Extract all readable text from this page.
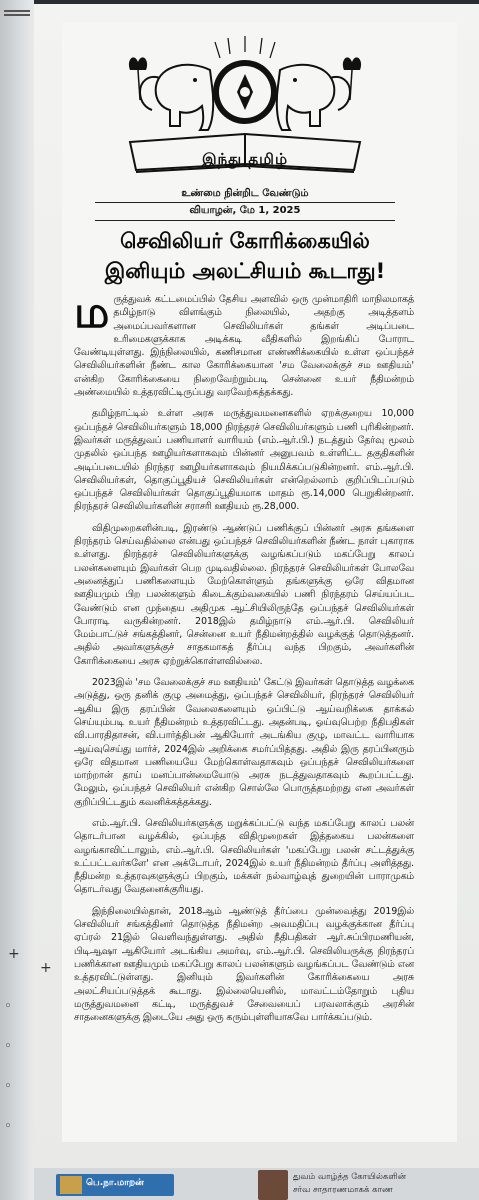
◦
◦
◦
◦
+
+
இந்து தமிழ்
உண்மை நின்றிட வேண்டும்
வியாழன், மே 1, 2025
செவிலியர் கோரிக்கையில்
இனியும் அலட்சியம் கூடாது!

ம ருத்துவக் கட்டமைப்பில் தேசிய அளவில் ஒரு முன்மாதிரி மாநிலமாகத் தமிழ்நாடு விளங்கும் நிலையில், அதற்கு அடித்தளம் அமைப்பவர்களான செவிலியர்கள் தங்கள் அடிப்படை உரிமைகளுக்காக அடிக்கடி வீதிகளில் இறங்கிப் போராட வேண்டியுள்ளது. இந்நிலையில், கணிசமான எண்ணிக்கையில் உள்ள ஒப்பந்தச் செவிலியர்களின் நீண்ட கால கோரிக்கையான 'சம வேலைக்குச் சம ஊதியம்' என்கிற கோரிக்கையை நிறைவேற்றும்படி சென்னை உயர் நீதிமன்றம் அண்மையில் உத்தரவிட்டிருப்பது வரவேற்கத்தக்கது.

தமிழ்நாட்டில் உள்ள அரசு மருத்துவமனைகளில் ஏறக்குறைய 10,000 ஒப்பந்தச் செவிலியர்களும் 18,000 நிரந்தரச் செவிலியர்களும் பணி புரிகின்றனர். இவர்கள் மருத்துவப் பணியாளர் வாரியம் (எம்.ஆர்.பி.) நடத்தும் தேர்வு மூலம் முதலில் ஒப்பந்த ஊழியர்களாகவும் பின்னர் அனுபவம் உள்ளிட்ட தகுதிகளின் அடிப்படையில் நிரந்தர ஊழியர்களாகவும் நியமிக்கப்படுகின்றனர். எம்.ஆர்.பி. செவிலியர்கள், தொகுப்பூதியச் செவிலியர்கள் என்றெல்லாம் குறிப்பிடப்படும் ஒப்பந்தச் செவிலியர்கள் தொகுப்பூதியமாக மாதம் ரூ.14,000 பெறுகின்றனர். நிரந்தரச் செவிலியர்களின் சராசரி ஊதியம் ரூ.28,000.

விதிமுறைகளின்படி, இரண்டு ஆண்டுப் பணிக்குப் பின்னர் அரசு தங்களை நிரந்தரம் செய்வதில்லை என்பது ஒப்பந்தச் செவிலியர்களின் நீண்ட நாள் புகாராக உள்ளது. நிரந்தரச் செவிலியர்களுக்கு வழங்கப்படும் மகப்பேறு காலப் பலன்களையும் இவர்கள் பெற முடிவதில்லை. நிரந்தரச் செவிலியர்கள் போலவே அனைத்துப் பணிகளையும் மேற்கொள்ளும் தங்களுக்கு ஒரே விதமான ஊதியமும் பிற பலன்களும் கிடைக்கும்வகையில் பணி நிரந்தரம் செய்யப்பட வேண்டும் என முந்தைய அதிமுக ஆட்சியிலிருந்தே ஒப்பந்தச் செவிலியர்கள் போராடி வருகின்றனர். 2018இல் தமிழ்நாடு எம்.ஆர்.பி. செவிலியர் மேம்பாட்டுச் சங்கத்தினர், சென்னை உயர் நீதிமன்றத்தில் வழக்குத் தொடுத்தனர். அதில் அவர்களுக்குச் சாதகமாகத் தீர்ப்பு வந்த பிறகும், அவர்களின் கோரிக்கையை அரசு ஏற்றுக்கொள்ளவில்லை.

2023இல் 'சம வேலைக்குச் சம ஊதியம்' கேட்டு இவர்கள் தொடுத்த வழக்கை அடுத்து, ஒரு தனிக் குழு அமைத்து, ஒப்பந்தச் செவிலியர், நிரந்தரச் செவிலியர் ஆகிய இரு தரப்பின் வேலைகளையும் ஒப்பிட்டு ஆய்வறிக்கை தாக்கல் செய்யும்படி உயர் நீதிமன்றம் உத்தரவிட்டது. அதன்படி, ஓய்வுபெற்ற நீதிபதிகள் வி.பாரதிதாசன், வி.பார்த்திபன் ஆகியோர் அடங்கிய குழு, மாவட்ட வாரியாக ஆய்வுசெய்து மார்ச், 2024இல் அறிக்கை சமர்ப்பித்தது. அதில் இரு தரப்பினரும் ஒரே விதமான பணியையே மேற்கொள்வதாகவும் ஒப்பந்தச் செவிலியர்களை மாற்றான் தாய் மனப்பான்மையோடு அரசு நடத்துவதாகவும் கூறப்பட்டது. மேலும், ஒப்பந்தச் செவிலியர் என்கிற சொல்லே பொருத்தமற்றது என அவர்கள் குறிப்பிட்டதும் கவனிக்கத்தக்கது.

எம்.ஆர்.பி. செவிலியர்களுக்கு மறுக்கப்பட்டு வந்த மகப்பேறு காலப் பலன் தொடர்பான வழக்கில், ஒப்பந்த விதிமுறைகள் இத்தகைய பலன்களை வழங்காவிட்டாலும், எம்.ஆர்.பி. செவிலியர்கள் 'மகப்பேறு பலன் சட்டத்துக்கு உட்பட்டவர்களே' என அக்டோபர், 2024இல் உயர் நீதிமன்றம் தீர்ப்பு அளித்தது. நீதிமன்ற உத்தரவுகளுக்குப் பிறகும், மக்கள் நல்வாழ்வுத் துறையின் பாராமுகம் தொடர்வது வேதனைக்குரியது.

இந்நிலையில்தான், 2018ஆம் ஆண்டுத் தீர்ப்பை முன்வைத்து 2019இல் செவிலியர் சங்கத்தினர் தொடுத்த நீதிமன்ற அவமதிப்பு வழக்குக்கான தீர்ப்பு ஏப்ரல் 21இல் வெளிவந்துள்ளது. அதில் நீதிபதிகள் ஆர்.சுப்பிரமணியன், பிடிஆஷா ஆகியோர் அடங்கிய அமர்வு, எம்.ஆர்.பி. செவிலியருக்கு நிரந்தரப் பணிக்கான ஊதியமும் மகப்பேறு காலப் பலன்களும் வழங்கப்பட வேண்டும் என உத்தரவிட்டுள்ளது. இனியும் இவர்களின் கோரிக்கையை அரசு அலட்சியப்படுத்தக் கூடாது. இல்லையெனில், மாவட்டம்தோறும் புதிய மருத்துவமனை கட்டி, மருத்துவச் சேவையைப் பரவலாக்கும் அரசின் சாதனைகளுக்கு இடையே அது ஒரு கரும்புள்ளியாகவே பார்க்கப்படும்.

பெ.நா.மாறன்
துவம் வாழ்த்த கோயில்களின்
சர்வ சாதாரணமாகக் காண
